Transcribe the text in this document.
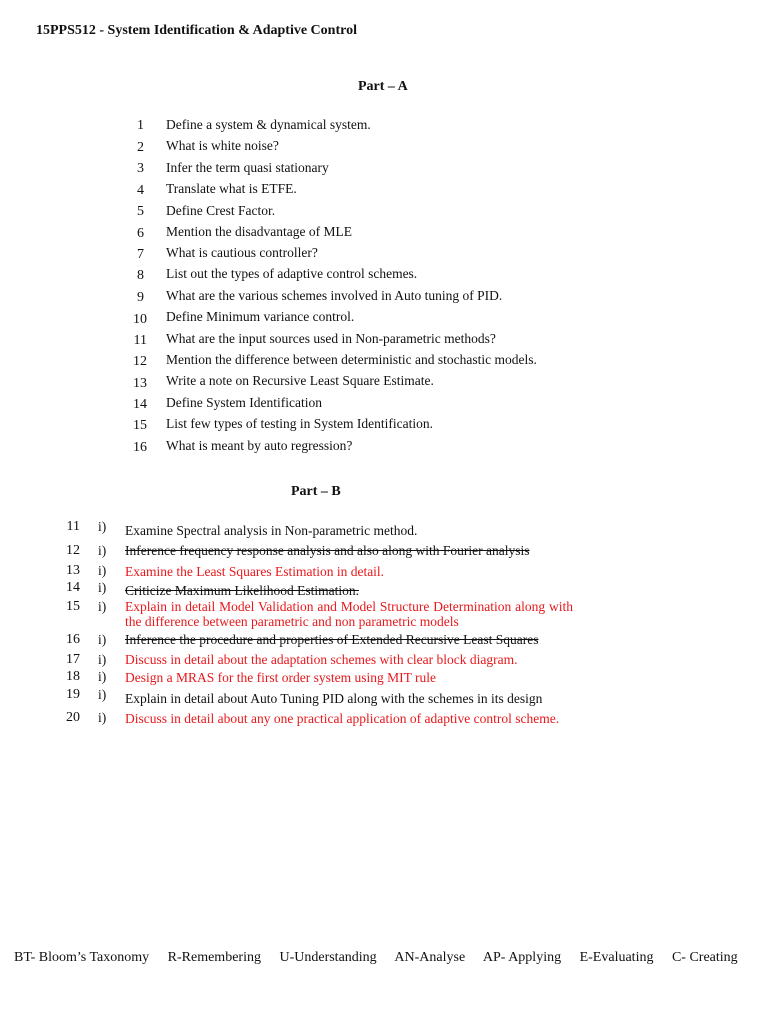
15PPS512 - System Identification & Adaptive Control
Part – A
1 Define a system & dynamical system.
2 What is white noise?
3 Infer the term quasi stationary
4 Translate what is ETFE.
5 Define Crest Factor.
6 Mention the disadvantage of MLE
7 What is cautious controller?
8 List out the types of adaptive control schemes.
9 What are the various schemes involved in Auto tuning of PID.
10 Define Minimum variance control.
11 What are the input sources used in Non-parametric methods?
12 Mention the difference between deterministic and stochastic models.
13 Write a note on Recursive Least Square Estimate.
14 Define System Identification
15 List few types of testing in System Identification.
16 What is meant by auto regression?
Part – B
11 i) Examine Spectral analysis in Non-parametric method.
12 i) Inference frequency response analysis and also along with Fourier analysis
13 i) Examine the Least Squares Estimation in detail.
14 i) Criticize Maximum Likelihood Estimation.
15 i) Explain in detail Model Validation and Model Structure Determination along with the difference between parametric and non parametric models
16 i) Inference the procedure and properties of Extended Recursive Least Squares
17 i) Discuss in detail about the adaptation schemes with clear block diagram.
18 i) Design a MRAS for the first order system using MIT rule
19 i) Explain in detail about Auto Tuning PID along with the schemes in its design
20 i) Discuss in detail about any one practical application of adaptive control scheme.
BT- Bloom’s Taxonomy R-Remembering U-Understanding AN-Analyse AP- Applying E-Evaluating C- Creating
